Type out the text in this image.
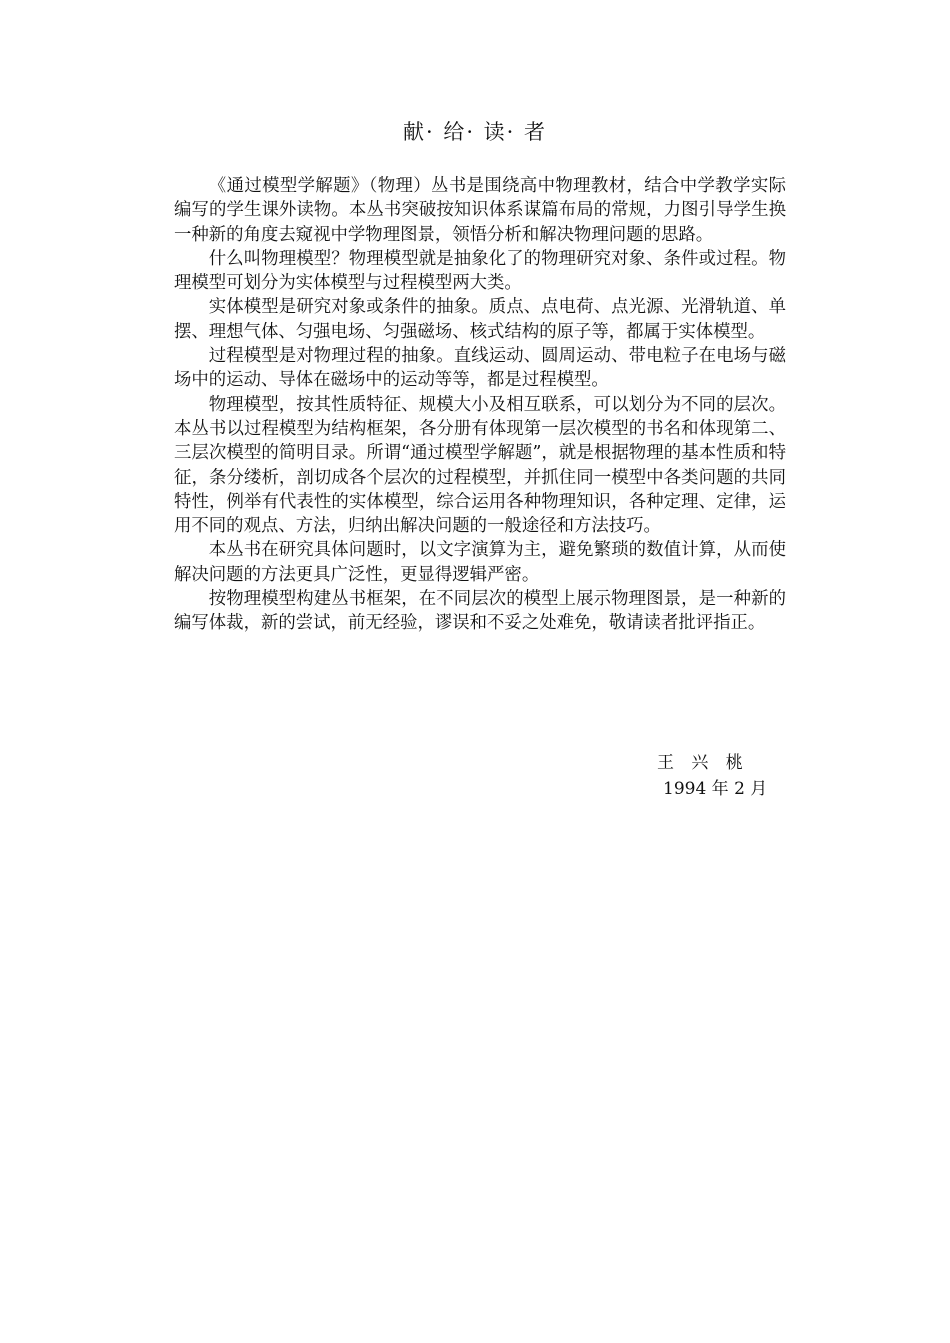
献· 给· 读· 者

《通过模型学解题》（物理）丛书是围绕高中物理教材，结合中学教学实际编写的学生课外读物。本丛书突破按知识体系谋篇布局的常规，力图引导学生换一种新的角度去窥视中学物理图景，领悟分析和解决物理问题的思路。

什么叫物理模型？物理模型就是抽象化了的物理研究对象、条件或过程。物理模型可划分为实体模型与过程模型两大类。

实体模型是研究对象或条件的抽象。质点、点电荷、点光源、光滑轨道、单摆、理想气体、匀强电场、匀强磁场、核式结构的原子等，都属于实体模型。

过程模型是对物理过程的抽象。直线运动、圆周运动、带电粒子在电场与磁场中的运动、导体在磁场中的运动等等，都是过程模型。

物理模型，按其性质特征、规模大小及相互联系，可以划分为不同的层次。本丛书以过程模型为结构框架，各分册有体现第一层次模型的书名和体现第二、三层次模型的简明目录。所谓“通过模型学解题”，就是根据物理的基本性质和特征，条分缕析，剖切成各个层次的过程模型，并抓住同一模型中各类问题的共同特性，例举有代表性的实体模型，综合运用各种物理知识，各种定理、定律，运用不同的观点、方法，归纳出解决问题的一般途径和方法技巧。

本丛书在研究具体问题时，以文字演算为主，避免繁琐的数值计算，从而使解决问题的方法更具广泛性，更显得逻辑严密。

按物理模型构建丛书框架，在不同层次的模型上展示物理图景，是一种新的编写体裁，新的尝试，前无经验，谬误和不妥之处难免，敬请读者批评指正。

王 兴 桃
1994 年 2 月
